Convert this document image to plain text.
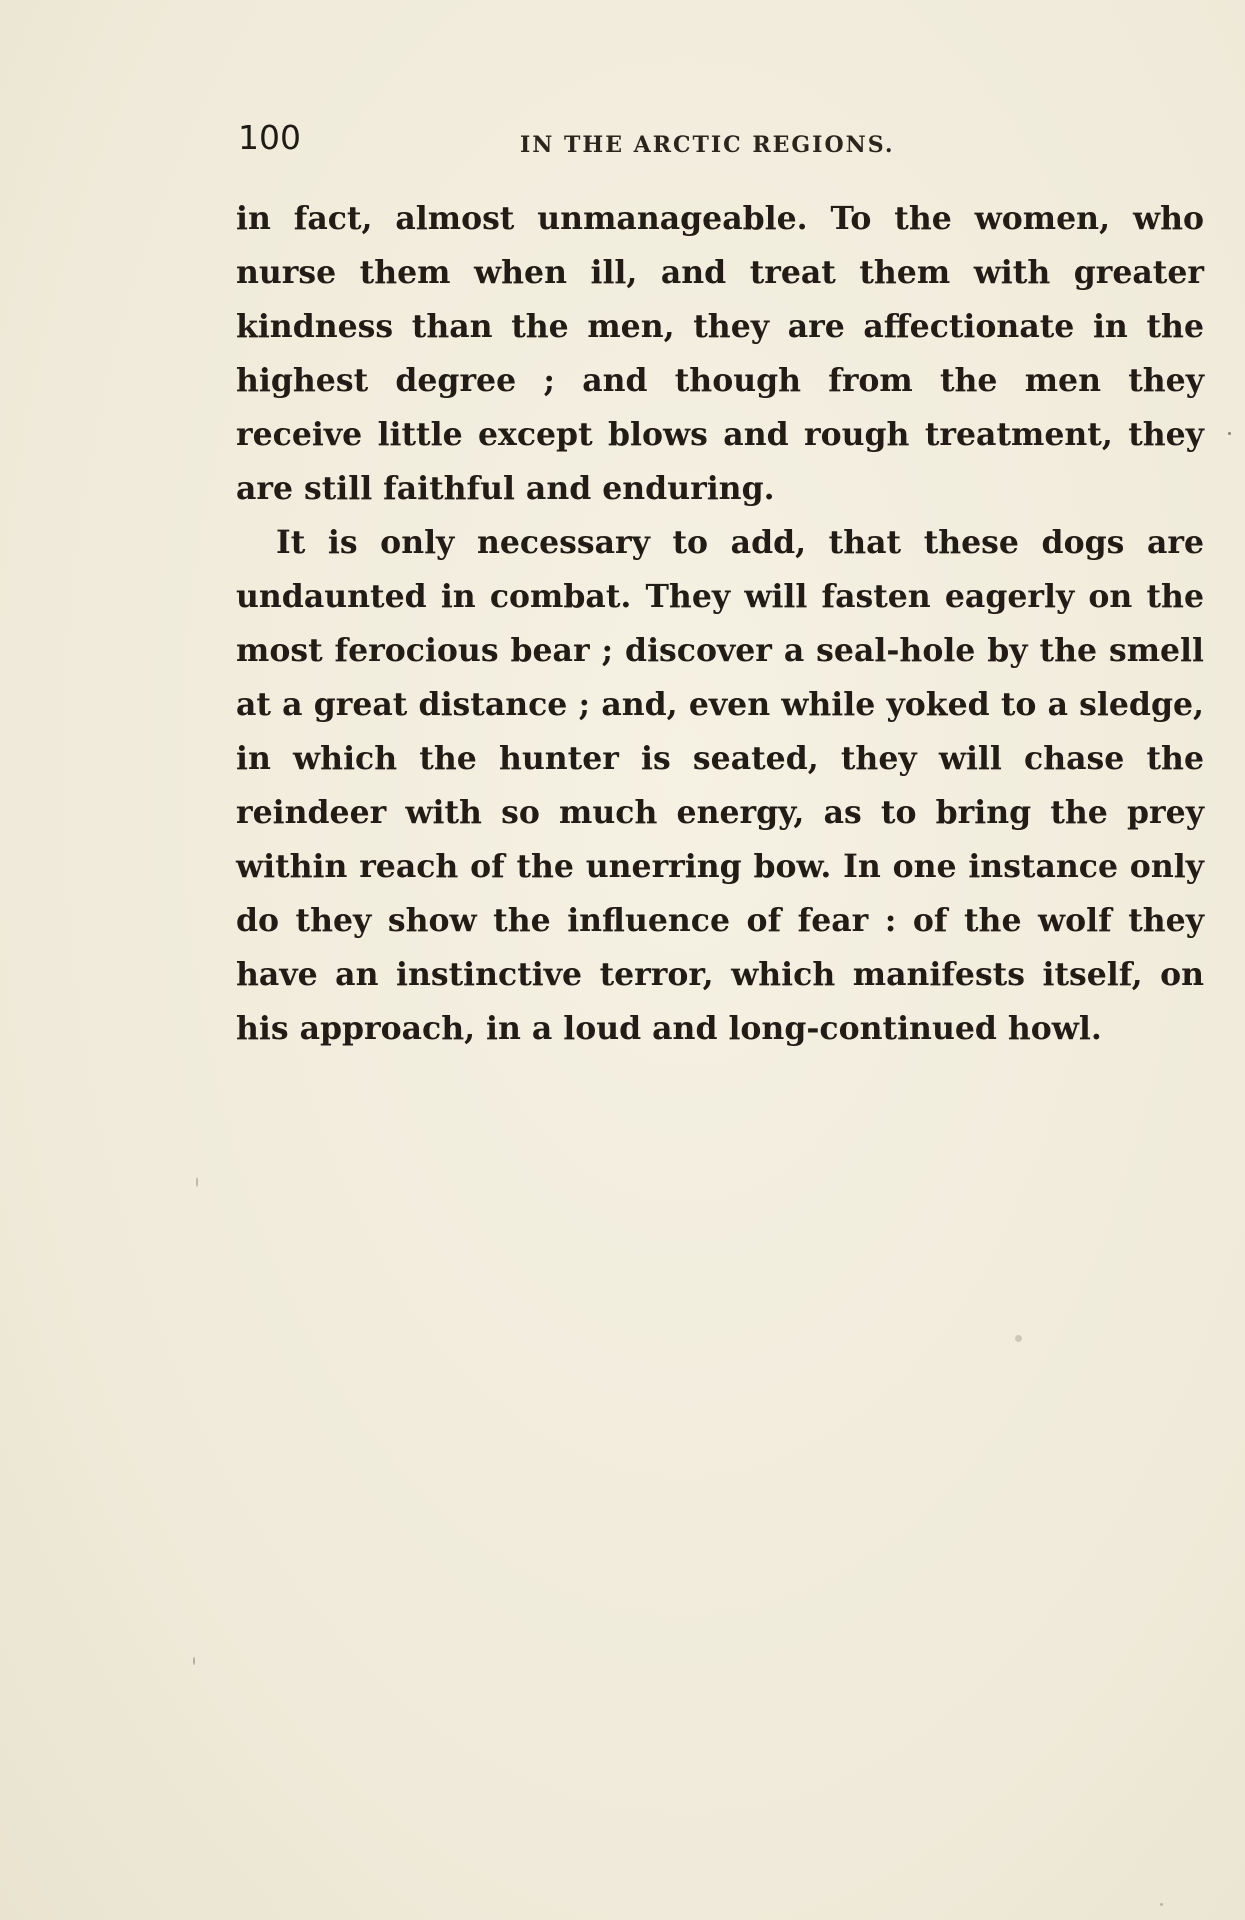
100	IN THE ARCTIC REGIONS.

in fact, almost unmanageable. To the women, who nurse them when ill, and treat them with greater kindness than the men, they are affectionate in the highest degree ; and though from the men they receive little except blows and rough treatment, they are still faithful and enduring.

It is only necessary to add, that these dogs are undaunted in combat. They will fasten eagerly on the most ferocious bear ; discover a seal-hole by the smell at a great distance ; and, even while yoked to a sledge, in which the hunter is seated, they will chase the reindeer with so much energy, as to bring the prey within reach of the unerring bow. In one instance only do they show the influence of fear : of the wolf they have an instinctive terror, which manifests itself, on his approach, in a loud and long-continued howl.
